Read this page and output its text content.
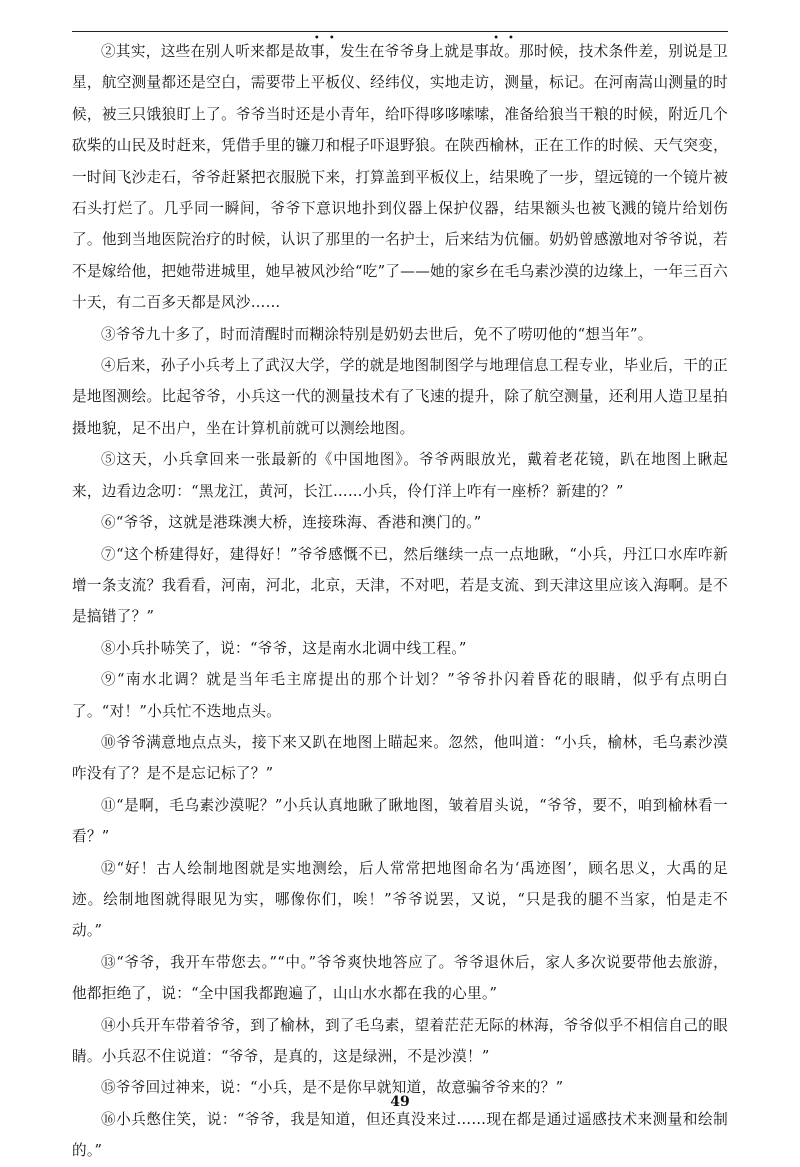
②其实，这些在别人听来都是故
•
事
•
，发生在爷爷身上就是事
•
故
•
。那时候，技术条件差，别说是卫星，航空测量都还是空白，需要带上平板仪、经纬仪，实地走访，测量，标记。在河南嵩山测量的时候，被三只饿狼盯上了。爷爷当时还是小青年，给吓得哆哆嗦嗦，准备给狼当干粮的时候，附近几个砍柴的山民及时赶来，凭借手里的镰刀和棍子吓退野狼。在陕西榆林，正在工作的时候、天气突变，一时间飞沙走石，爷爷赶紧把衣服脱下来，打算盖到平板仪上，结果晚了一步，望远镜的一个镜片被石头打烂了。几乎同一瞬间，爷爷下意识地扑到仪器上保护仪器，结果额头也被飞溅的镜片给划伤了。他到当地医院治疗的时候，认识了那里的一名护士，后来结为伉俪。奶奶曾感激地对爷爷说，若不是嫁给他，把她带进城里，她早被风沙给“吃”了——她的家乡在毛乌素沙漠的边缘上，一年三百六十天，有二百多天都是风沙……

③爷爷九十多了，时而清醒时而糊涂特别是奶奶去世后，免不了唠叨他的“想当年”。

④后来，孙子小兵考上了武汉大学，学的就是地图制图学与地理信息工程专业，毕业后，干的正是地图测绘。比起爷爷，小兵这一代的测量技术有了飞速的提升，除了航空测量，还利用人造卫星拍摄地貌，足不出户，坐在计算机前就可以测绘地图。

⑤这天，小兵拿回来一张最新的《中国地图》。爷爷两眼放光，戴着老花镜，趴在地图上瞅起来，边看边念叨：“黑龙江，黄河，长江……小兵，伶仃洋上咋有一座桥？新建的？”

⑥“爷爷，这就是港珠澳大桥，连接珠海、香港和澳门的。”

⑦“这个桥建得好，建得好！”爷爷感慨不已，然后继续一点一点地瞅，“小兵，丹江口水库咋新增一条支流？我看看，河南，河北，北京，天津，不对吧，若是支流、到天津这里应该入海啊。是不是搞错了？”

⑧小兵扑哧笑了，说：“爷爷，这是南水北调中线工程。”

⑨“南水北调？就是当年毛主席提出的那个计划？”爷爷扑闪着昏花的眼睛，似乎有点明白了。“对！”小兵忙不迭地点头。

⑩爷爷满意地点点头，接下来又趴在地图上瞄起来。忽然，他叫道：“小兵，榆林，毛乌素沙漠咋没有了？是不是忘记标了？”

⑪“是啊，毛乌素沙漠呢？”小兵认真地瞅了瞅地图，皱着眉头说，“爷爷，要不，咱到榆林看一看？”

⑫“好！古人绘制地图就是实地测绘，后人常常把地图命名为‘禹迹图’，顾名思义，大禹的足迹。绘制地图就得眼见为实，哪像你们，唉！”爷爷说罢，又说，“只是我的腿不当家，怕是走不动。”

⑬“爷爷，我开车带您去。”“中。”爷爷爽快地答应了。爷爷退休后，家人多次说要带他去旅游，他都拒绝了，说：“全中国我都跑遍了，山山水水都在我的心里。”

⑭小兵开车带着爷爷，到了榆林，到了毛乌素，望着茫茫无际的林海，爷爷似乎不相信自己的眼睛。小兵忍不住说道：“爷爷，是真的，这是绿洲，不是沙漠！”

⑮爷爷回过神来，说：“小兵，是不是你早就知道，故意骗爷爷来的？”

⑯小兵憋住笑，说：“爷爷，我是知道，但还真没来过……现在都是通过遥感技术来测量和绘制的。”

49
